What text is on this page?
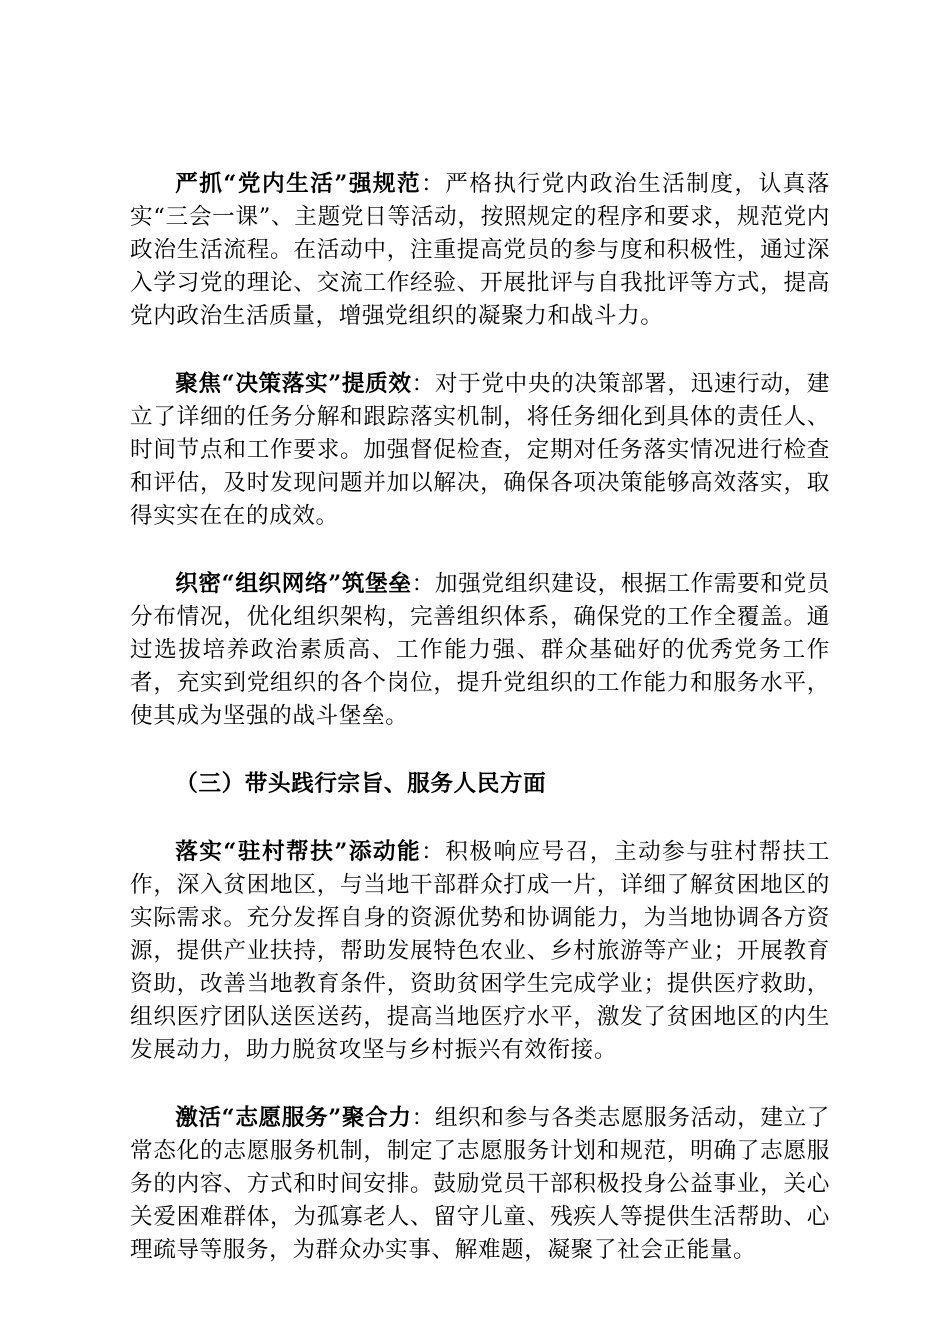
严抓“党内生活”强规范：严格执行党内政治生活制度，认真落实“三会一课”、主题党日等活动，按照规定的程序和要求，规范党内政治生活流程。在活动中，注重提高党员的参与度和积极性，通过深入学习党的理论、交流工作经验、开展批评与自我批评等方式，提高党内政治生活质量，增强党组织的凝聚力和战斗力。

聚焦“决策落实”提质效：对于党中央的决策部署，迅速行动，建立了详细的任务分解和跟踪落实机制，将任务细化到具体的责任人、时间节点和工作要求。加强督促检查，定期对任务落实情况进行检查和评估，及时发现问题并加以解决，确保各项决策能够高效落实，取得实实在在的成效。

织密“组织网络”筑堡垒：加强党组织建设，根据工作需要和党员分布情况，优化组织架构，完善组织体系，确保党的工作全覆盖。通过选拔培养政治素质高、工作能力强、群众基础好的优秀党务工作者，充实到党组织的各个岗位，提升党组织的工作能力和服务水平，使其成为坚强的战斗堡垒。

（三）带头践行宗旨、服务人民方面

落实“驻村帮扶”添动能：积极响应号召，主动参与驻村帮扶工作，深入贫困地区，与当地干部群众打成一片，详细了解贫困地区的实际需求。充分发挥自身的资源优势和协调能力，为当地协调各方资源，提供产业扶持，帮助发展特色农业、乡村旅游等产业；开展教育资助，改善当地教育条件，资助贫困学生完成学业；提供医疗救助，组织医疗团队送医送药，提高当地医疗水平，激发了贫困地区的内生发展动力，助力脱贫攻坚与乡村振兴有效衔接。

激活“志愿服务”聚合力：组织和参与各类志愿服务活动，建立了常态化的志愿服务机制，制定了志愿服务计划和规范，明确了志愿服务的内容、方式和时间安排。鼓励党员干部积极投身公益事业，关心关爱困难群体，为孤寡老人、留守儿童、残疾人等提供生活帮助、心理疏导等服务，为群众办实事、解难题，凝聚了社会正能量。
